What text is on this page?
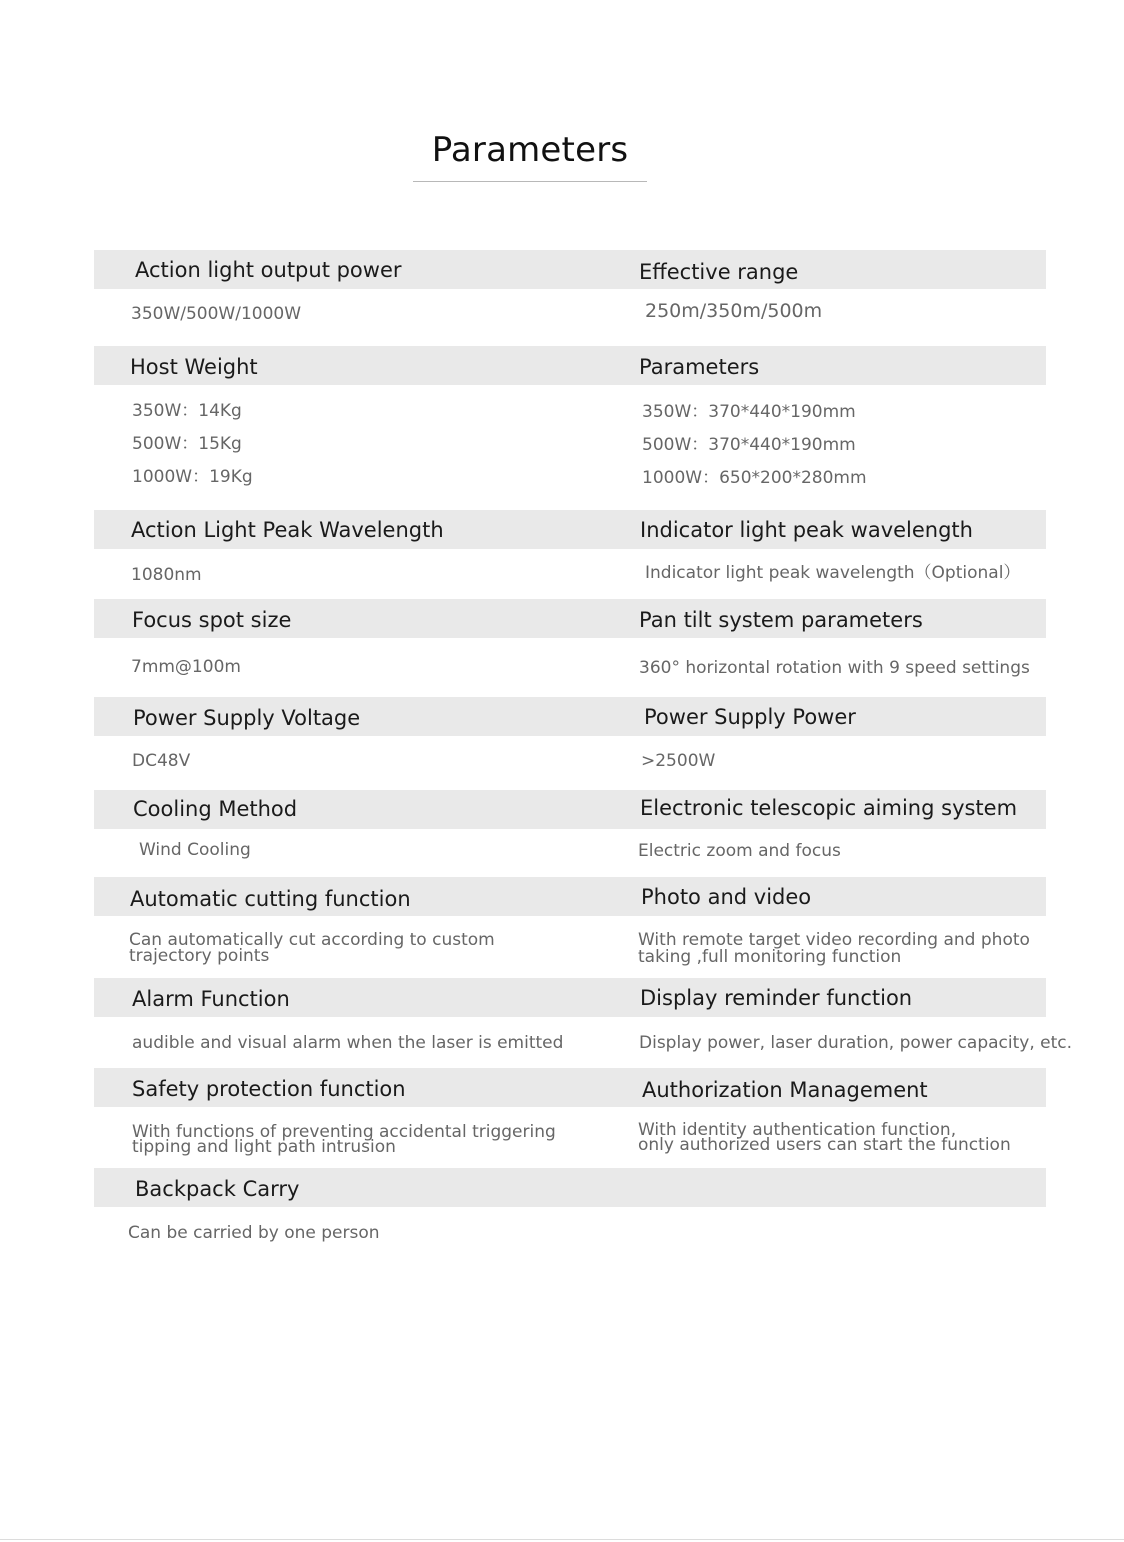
Parameters
Action light output power
350W/500W/1000W
Effective range
250m/350m/500m
Host Weight
350W：14Kg
500W：15Kg
1000W：19Kg
Parameters
350W：370*440*190mm
500W：370*440*190mm
1000W：650*200*280mm
Action Light Peak Wavelength
1080nm
Indicator light peak wavelength
Indicator light peak wavelength（Optional）
Focus spot size
7mm@100m
Pan tilt system parameters
360° horizontal rotation with 9 speed settings
Power Supply Voltage
DC48V
Power Supply Power
>2500W
Cooling Method
Wind Cooling
Electronic telescopic aiming system
Electric zoom and focus
Automatic cutting function
Can automatically cut according to custom
trajectory points
Photo and video
With remote target video recording and photo
taking ,full monitoring function
Alarm Function
audible and visual alarm when the laser is emitted
Display reminder function
Display power, laser duration, power capacity, etc.
Safety protection function
With functions of preventing accidental triggering
tipping and light path intrusion
Authorization Management
With identity authentication function,
only authorized users can start the function
Backpack Carry
Can be carried by one person
